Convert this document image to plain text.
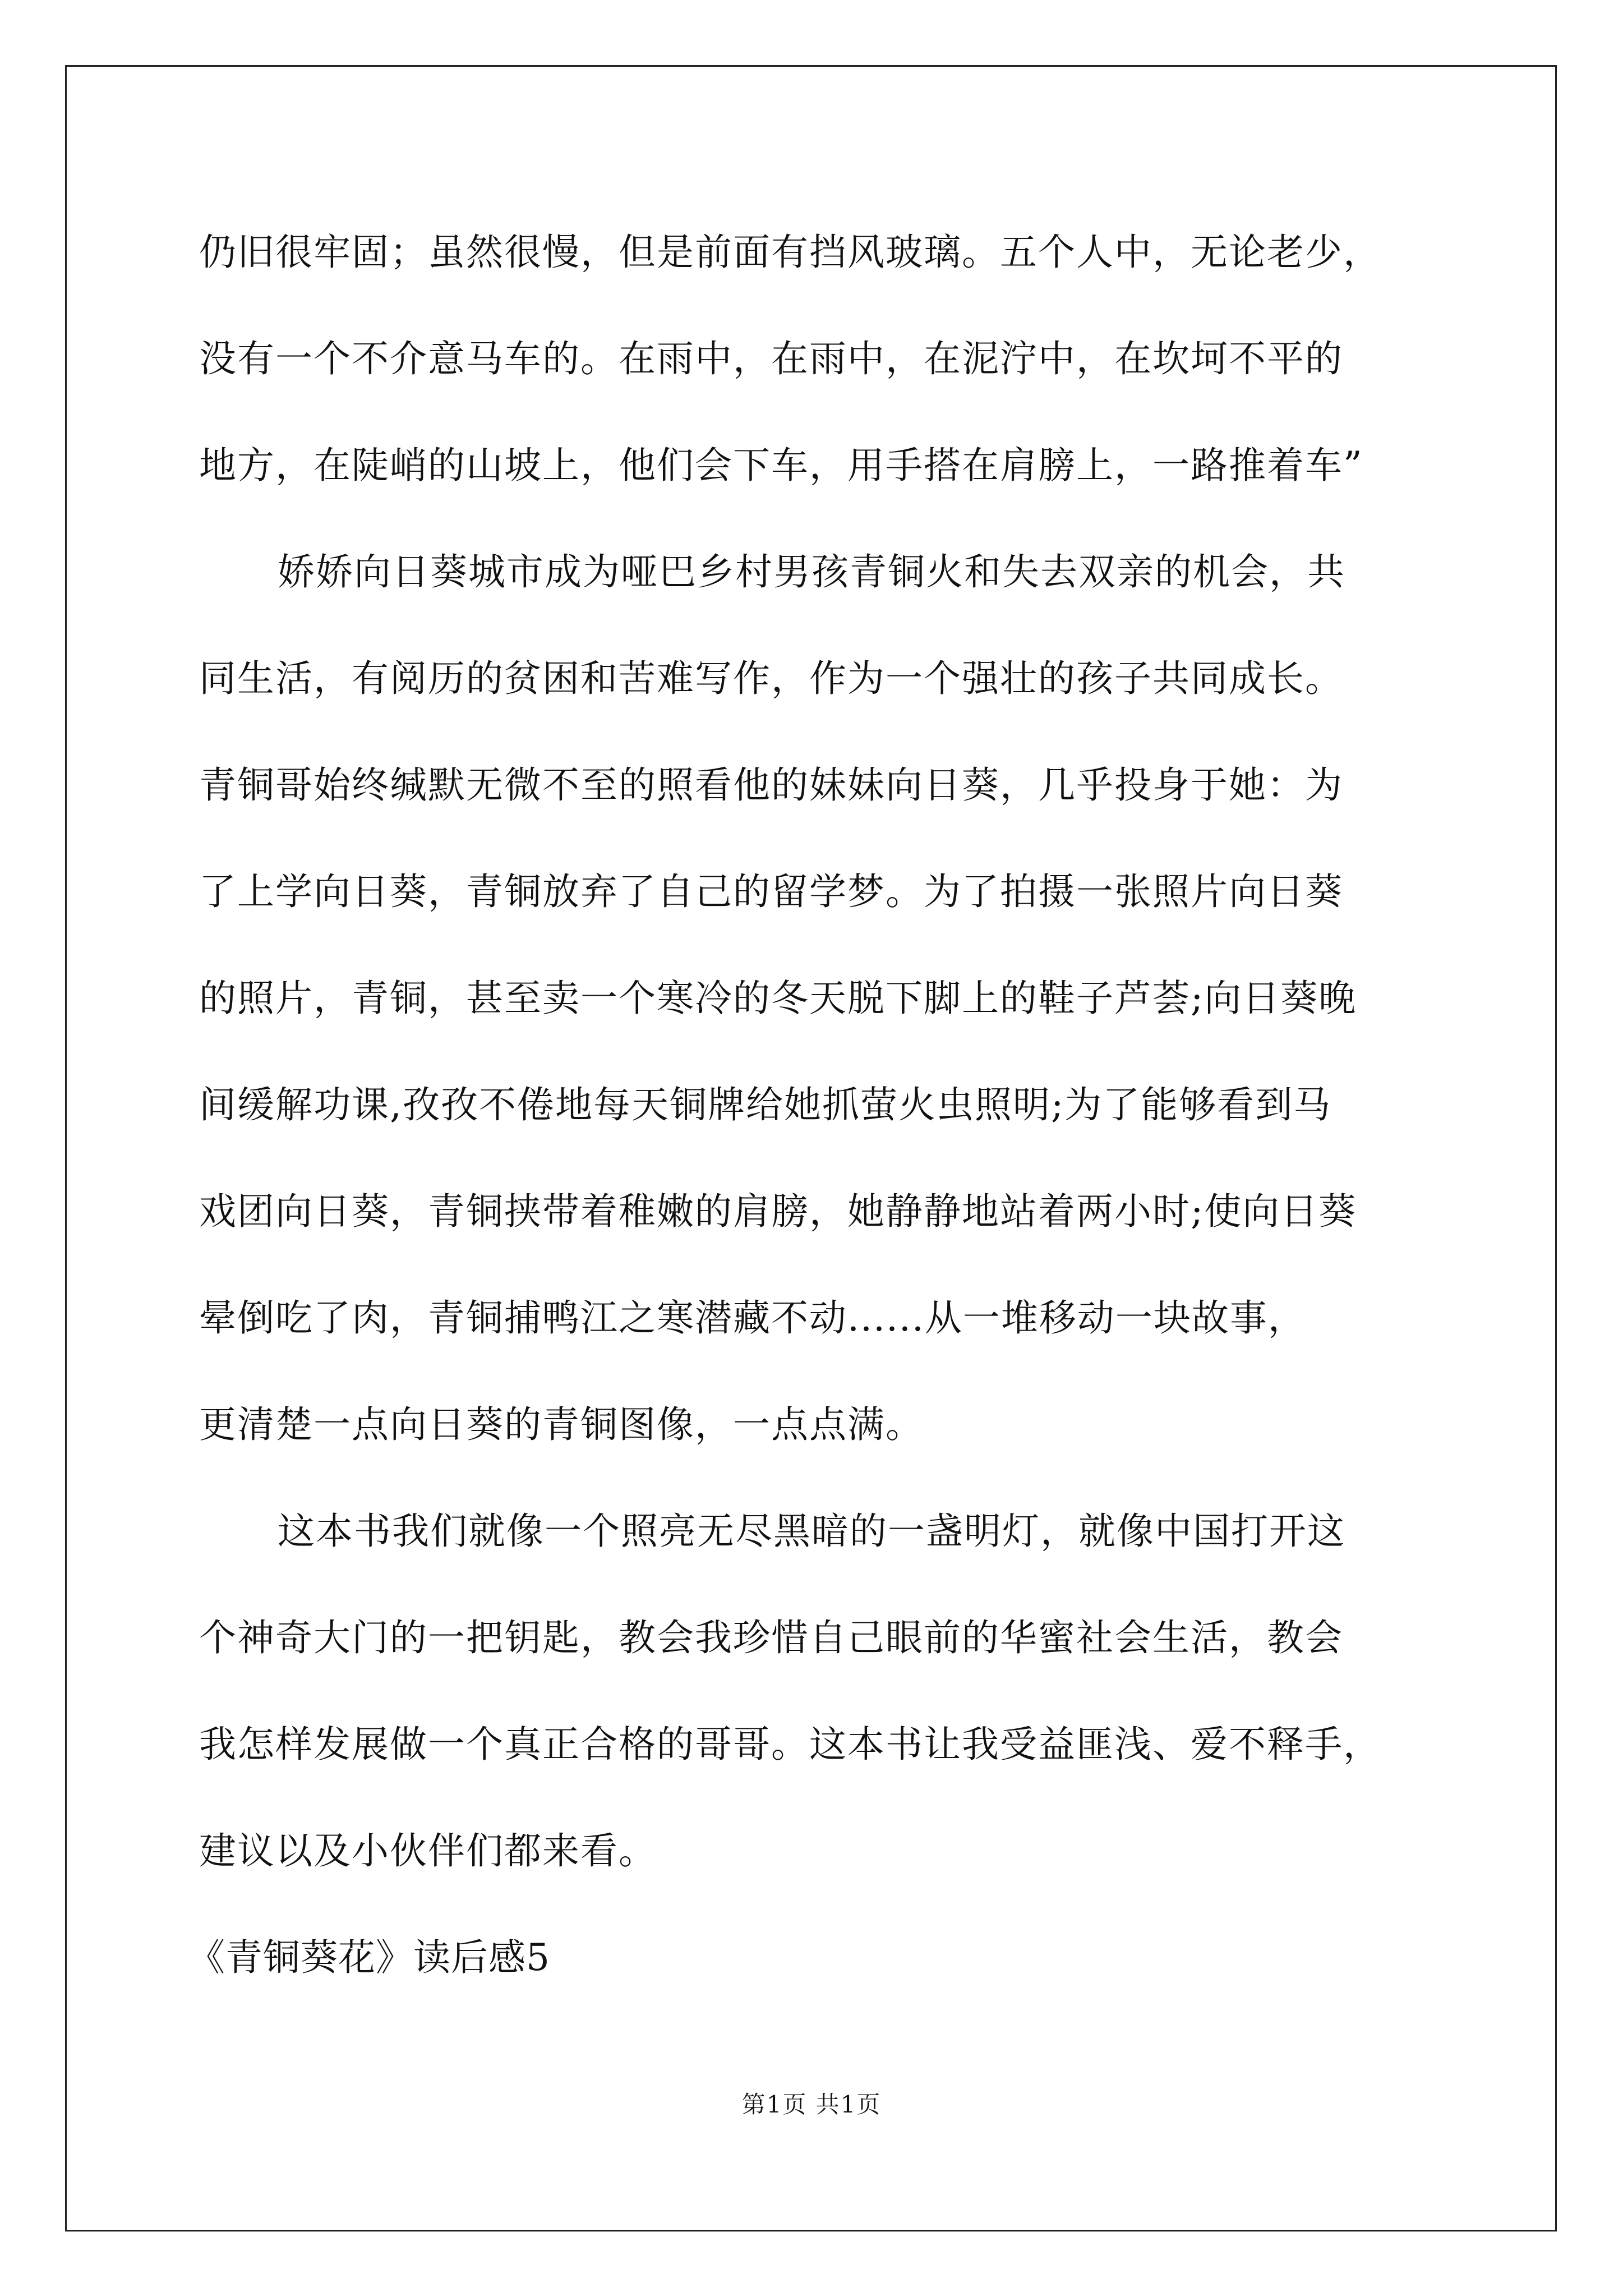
仍旧很牢固；虽然很慢，但是前面有挡风玻璃。五个人中，无论老少，
没有一个不介意马车的。在雨中，在雨中，在泥泞中，在坎坷不平的
地方，在陡峭的山坡上，他们会下车，用手搭在肩膀上，一路推着车”
娇娇向日葵城市成为哑巴乡村男孩青铜火和失去双亲的机会，共
同生活，有阅历的贫困和苦难写作，作为一个强壮的孩子共同成长。
青铜哥始终缄默无微不至的照看他的妹妹向日葵，几乎投身于她：为
了上学向日葵，青铜放弃了自己的留学梦。为了拍摄一张照片向日葵
的照片，青铜，甚至卖一个寒冷的冬天脱下脚上的鞋子芦荟;向日葵晚
间缓解功课,孜孜不倦地每天铜牌给她抓萤火虫照明;为了能够看到马
戏团向日葵，青铜挟带着稚嫩的肩膀，她静静地站着两小时;使向日葵
晕倒吃了肉，青铜捕鸭江之寒潜藏不动......从一堆移动一块故事，
更清楚一点向日葵的青铜图像，一点点满。
这本书我们就像一个照亮无尽黑暗的一盏明灯，就像中国打开这
个神奇大门的一把钥匙，教会我珍惜自己眼前的华蜜社会生活，教会
我怎样发展做一个真正合格的哥哥。这本书让我受益匪浅、爱不释手，
建议以及小伙伴们都来看。
《青铜葵花》读后感5
第1页 共1页
